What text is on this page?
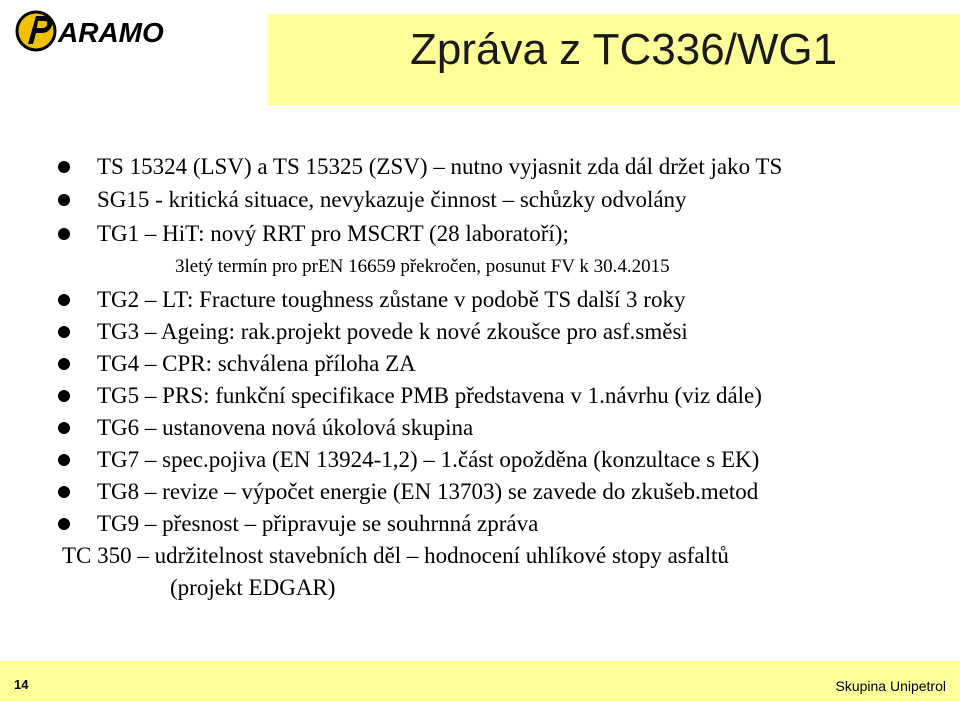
ARAMO	Zpráva z TC336/WG1
TS 15324 (LSV) a TS 15325 (ZSV) – nutno vyjasnit zda dál držet jako TS
SG15 - kritická situace, nevykazuje činnost – schůzky odvolány
TG1 – HiT: nový RRT pro MSCRT (28 laboratoří);
3letý termín pro prEN 16659 překročen, posunut FV k 30.4.2015
TG2 – LT: Fracture toughness zůstane v podobě TS další 3 roky
TG3 – Ageing: rak.projekt povede k nové zkoušce pro asf.směsi
TG4 – CPR: schválena příloha ZA
TG5 – PRS: funkční specifikace PMB představena v 1.návrhu (viz dále)
TG6 – ustanovena nová úkolová skupina
TG7 – spec.pojiva (EN 13924-1,2) – 1.část opožděna (konzultace s EK)
TG8 – revize – výpočet energie (EN 13703) se zavede do zkušeb.metod
TG9 – přesnost – připravuje se souhrnná zpráva
TC 350 – udržitelnost stavebních děl – hodnocení uhlíkové stopy asfaltů
(projekt EDGAR)
14	Skupina Unipetrol
